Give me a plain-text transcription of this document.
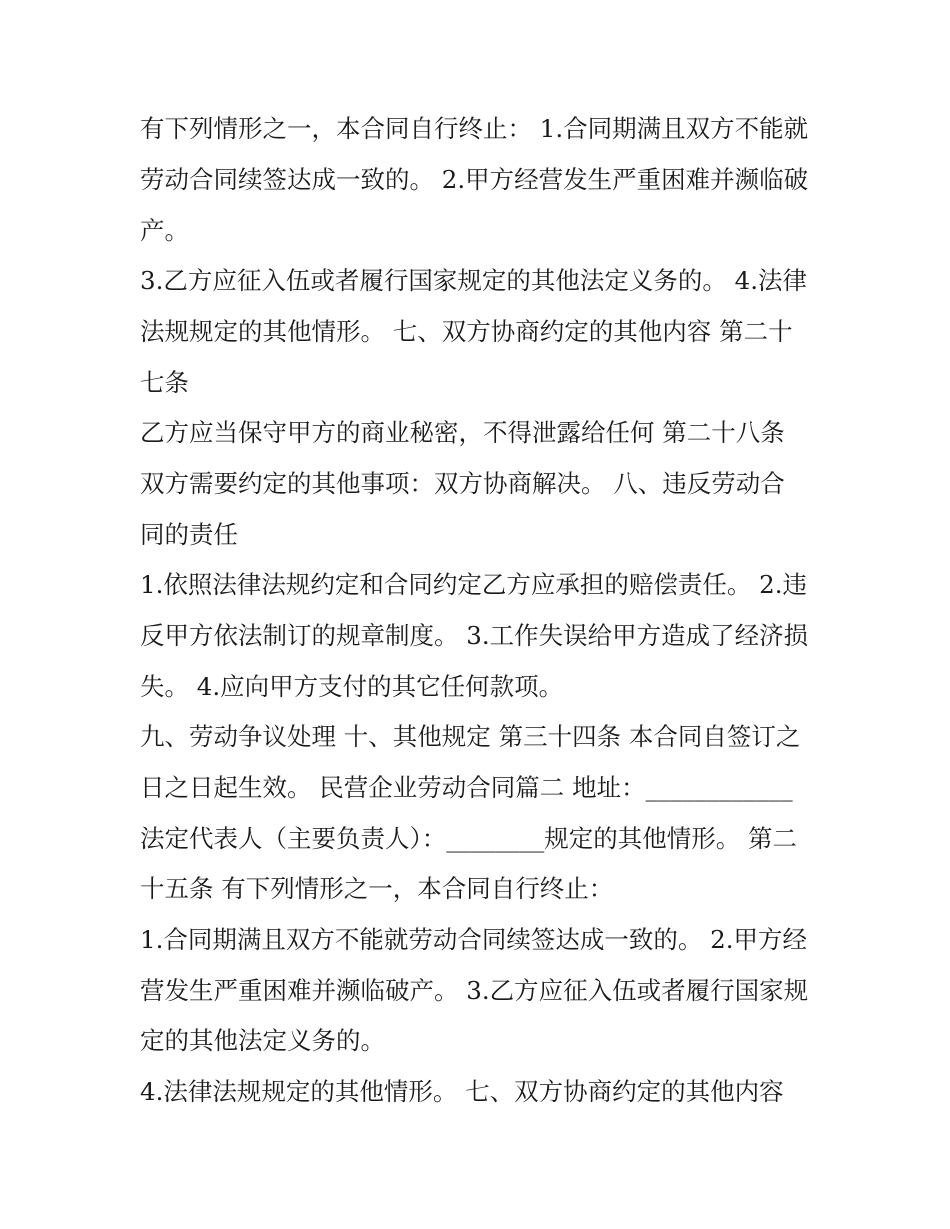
有下列情形之一，本合同自行终止： 1.合同期满且双方不能就
劳动合同续签达成一致的。 2.甲方经营发生严重困难并濒临破
产。
3.乙方应征入伍或者履行国家规定的其他法定义务的。 4.法律
法规规定的其他情形。 七、双方协商约定的其他内容 第二十
七条
乙方应当保守甲方的商业秘密，不得泄露给任何 第二十八条
双方需要约定的其他事项：双方协商解决。 八、违反劳动合
同的责任
1.依照法律法规约定和合同约定乙方应承担的赔偿责任。 2.违
反甲方依法制订的规章制度。 3.工作失误给甲方造成了经济损
失。 4.应向甲方支付的其它任何款项。
九、劳动争议处理 十、其他规定 第三十四条 本合同自签订之
日之日起生效。 民营企业劳动合同篇二 地址：____________
法定代表人（主要负责人）：________规定的其他情形。 第二
十五条 有下列情形之一，本合同自行终止：
1.合同期满且双方不能就劳动合同续签达成一致的。 2.甲方经
营发生严重困难并濒临破产。 3.乙方应征入伍或者履行国家规
定的其他法定义务的。
4.法律法规规定的其他情形。 七、双方协商约定的其他内容
